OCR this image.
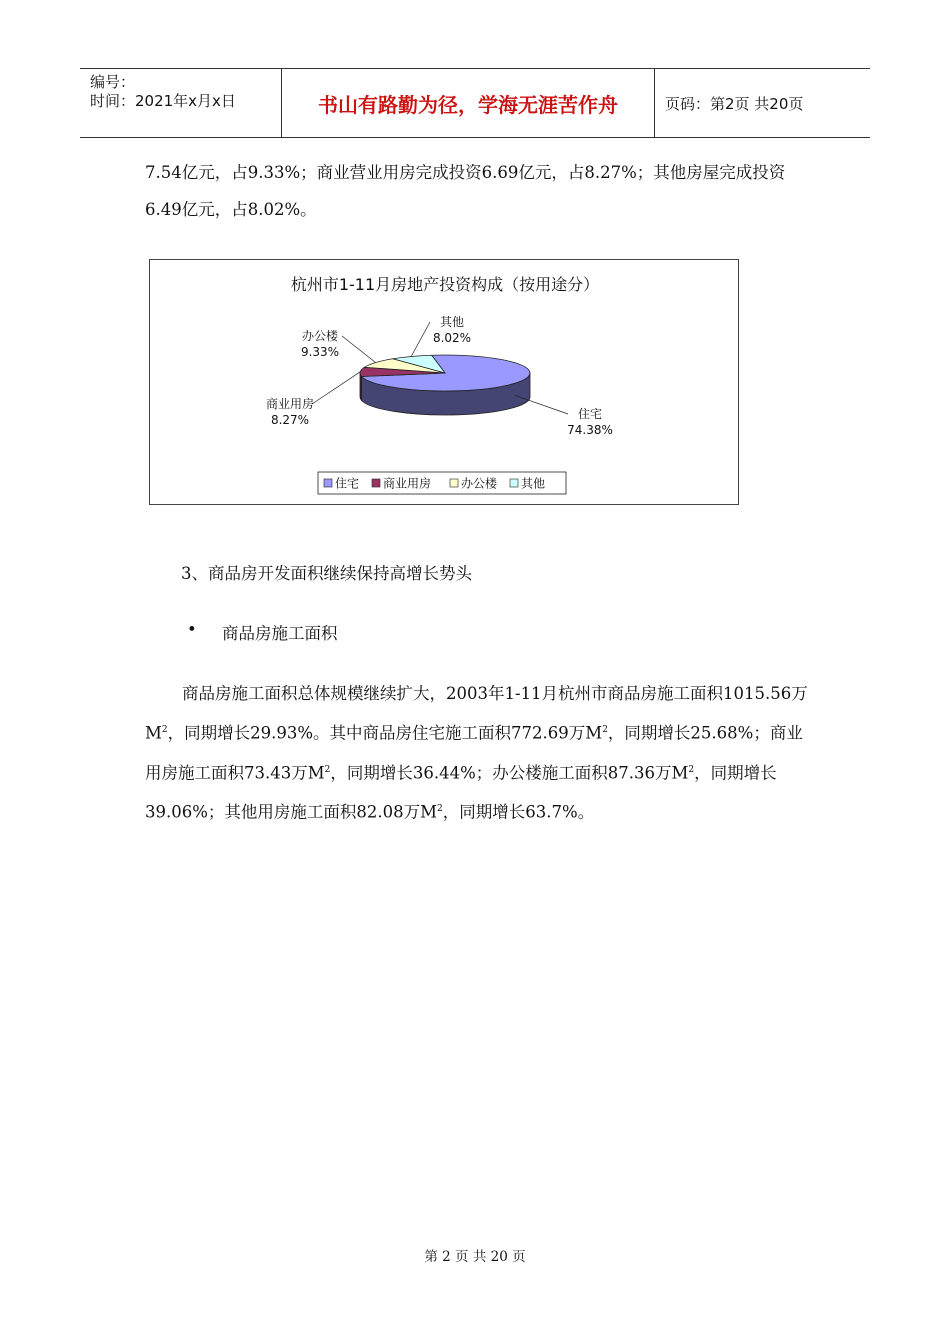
编号：
时间：2021年x月x日	书山有路勤为径，学海无涯苦作舟	页码：第2页 共20页

7.54亿元，占9.33%；商业营业用房完成投资6.69亿元，占8.27%；其他房屋完成投资6.49亿元，占8.02%。

杭州市1-11月房地产投资构成（按用途分）
住宅
74.38%
商业用房
8.27%
办公楼
9.33%
其他
8.02%
住宅 商业用房 办公楼 其他
3、商品房开发面积继续保持高增长势头
• 商品房施工面积

商品房施工面积总体规模继续扩大，2003年1-11月杭州市商品房施工面积1015.56万$M^2$，同期增长29.93%。其中商品房住宅施工面积772.69万$M^2$，同期增长25.68%；商业用房施工面积73.43万$M^2$，同期增长36.44%；办公楼施工面积87.36万$M^2$，同期增长39.06%；其他用房施工面积82.08万$M^2$，同期增长63.7%。

第 2 页 共 20 页
